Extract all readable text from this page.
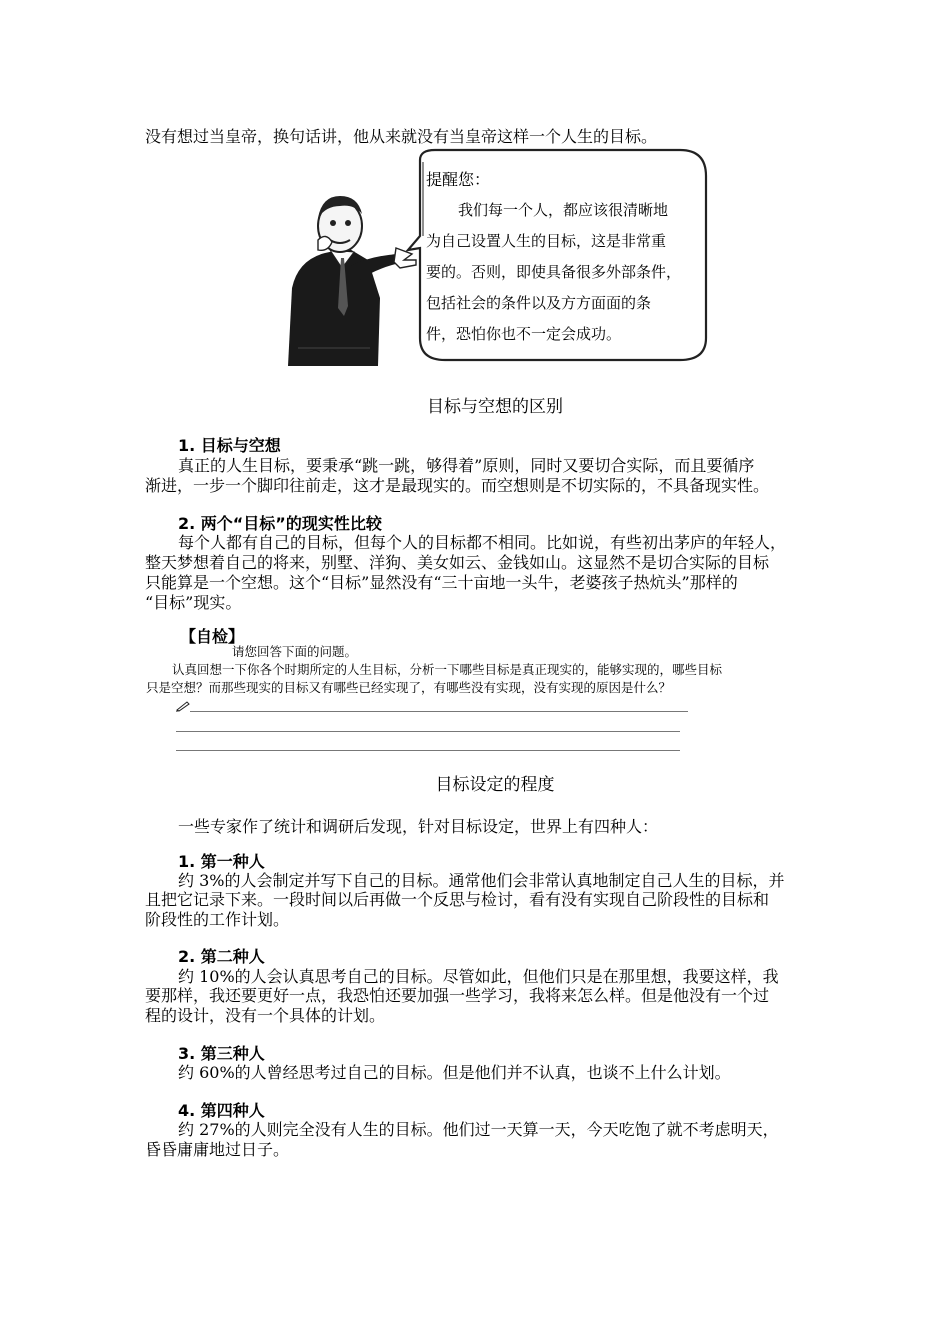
没有想过当皇帝，换句话讲，他从来就没有当皇帝这样一个人生的目标。
提醒您：
我们每一个人，都应该很清晰地
为自己设置人生的目标，这是非常重
要的。否则，即使具备很多外部条件，
包括社会的条件以及方方面面的条
件，恐怕你也不一定会成功。
目标与空想的区别
1. 目标与空想
真正的人生目标，要秉承“跳一跳，够得着”原则，同时又要切合实际，而且要循序
渐进，一步一个脚印往前走，这才是最现实的。而空想则是不切实际的，不具备现实性。
2. 两个“目标”的现实性比较
每个人都有自己的目标，但每个人的目标都不相同。比如说，有些初出茅庐的年轻人，
整天梦想着自己的将来，别墅、洋狗、美女如云、金钱如山。这显然不是切合实际的目标
只能算是一个空想。这个“目标”显然没有“三十亩地一头牛，老婆孩子热炕头”那样的
“目标”现实。
【自检】
请您回答下面的问题。
认真回想一下你各个时期所定的人生目标，分析一下哪些目标是真正现实的，能够实现的，哪些目标
只是空想？而那些现实的目标又有哪些已经实现了，有哪些没有实现，没有实现的原因是什么？
目标设定的程度
一些专家作了统计和调研后发现，针对目标设定，世界上有四种人：
1. 第一种人
约 3%的人会制定并写下自己的目标。通常他们会非常认真地制定自己人生的目标，并
且把它记录下来。一段时间以后再做一个反思与检讨，看有没有实现自己阶段性的目标和
阶段性的工作计划。
2. 第二种人
约 10%的人会认真思考自己的目标。尽管如此，但他们只是在那里想，我要这样，我
要那样，我还要更好一点，我恐怕还要加强一些学习，我将来怎么样。但是他没有一个过
程的设计，没有一个具体的计划。
3. 第三种人
约 60%的人曾经思考过自己的目标。但是他们并不认真，也谈不上什么计划。
4. 第四种人
约 27%的人则完全没有人生的目标。他们过一天算一天，今天吃饱了就不考虑明天，
昏昏庸庸地过日子。
